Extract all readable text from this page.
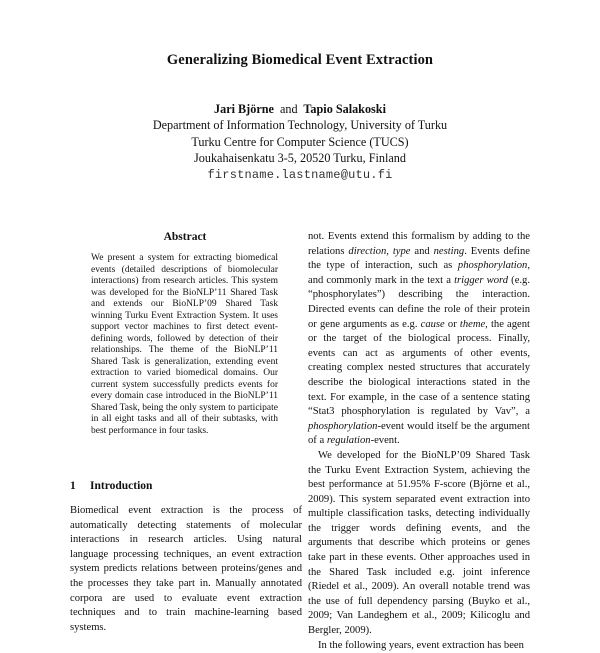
Generalizing Biomedical Event Extraction
Jari Björne and Tapio Salakoski
Department of Information Technology, University of Turku
Turku Centre for Computer Science (TUCS)
Joukahaisenkatu 3-5, 20520 Turku, Finland
firstname.lastname@utu.fi
Abstract

We present a system for extracting biomedical events (detailed descriptions of biomolecular interactions) from research articles. This system was developed for the BioNLP’11 Shared Task and extends our BioNLP’09 Shared Task winning Turku Event Extraction System. It uses support vector machines to first detect event-defining words, followed by detection of their relationships. The theme of the BioNLP’11 Shared Task is generalization, extending event extraction to varied biomedical domains. Our current system successfully predicts events for every domain case introduced in the BioNLP’11 Shared Task, being the only system to participate in all eight tasks and all of their subtasks, with best performance in four tasks.

1 Introduction

Biomedical event extraction is the process of automatically detecting statements of molecular interactions in research articles. Using natural language processing techniques, an event extraction system predicts relations between proteins/genes and the processes they take part in. Manually annotated corpora are used to evaluate event extraction techniques and to train machine-learning based systems.

not. Events extend this formalism by adding to the relations direction, type and nesting. Events define the type of interaction, such as phosphorylation, and commonly mark in the text a trigger word (e.g. “phosphorylates”) describing the interaction. Directed events can define the role of their protein or gene arguments as e.g. cause or theme, the agent or the target of the biological process. Finally, events can act as arguments of other events, creating complex nested structures that accurately describe the biological interactions stated in the text. For example, in the case of a sentence stating “Stat3 phosphorylation is regulated by Vav”, a phosphorylation-event would itself be the argument of a regulation-event.

We developed for the BioNLP’09 Shared Task the Turku Event Extraction System, achieving the best performance at 51.95% F-score (Björne et al., 2009). This system separated event extraction into multiple classification tasks, detecting individually the trigger words defining events, and the arguments that describe which proteins or genes take part in these events. Other approaches used in the Shared Task included e.g. joint inference (Riedel et al., 2009). An overall notable trend was the use of full dependency parsing (Buyko et al., 2009; Van Landeghem et al., 2009; Kilicoglu and Bergler, 2009).

In the following years, event extraction has been
